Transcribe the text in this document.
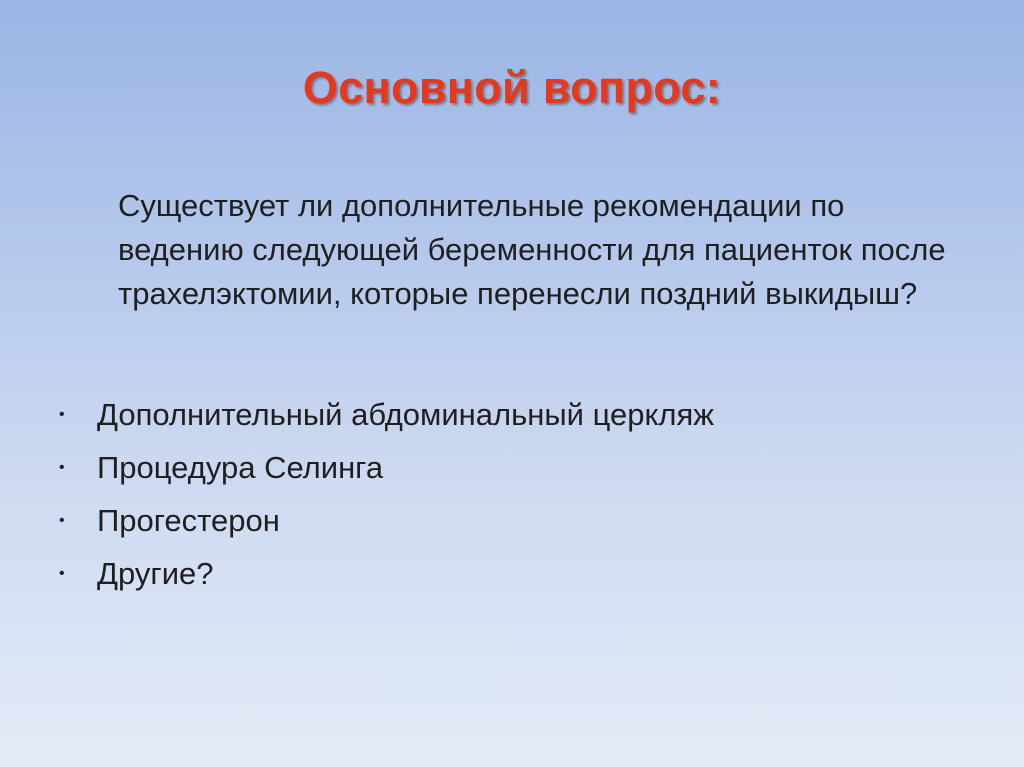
Основной вопрос:
Существует ли дополнительные рекомендации по ведению следующей беременности для пациенток после трахелэктомии, которые перенесли поздний выкидыш?
• Дополнительный абдоминальный церкляж
• Процедура Селинга
• Прогестерон
• Другие?
